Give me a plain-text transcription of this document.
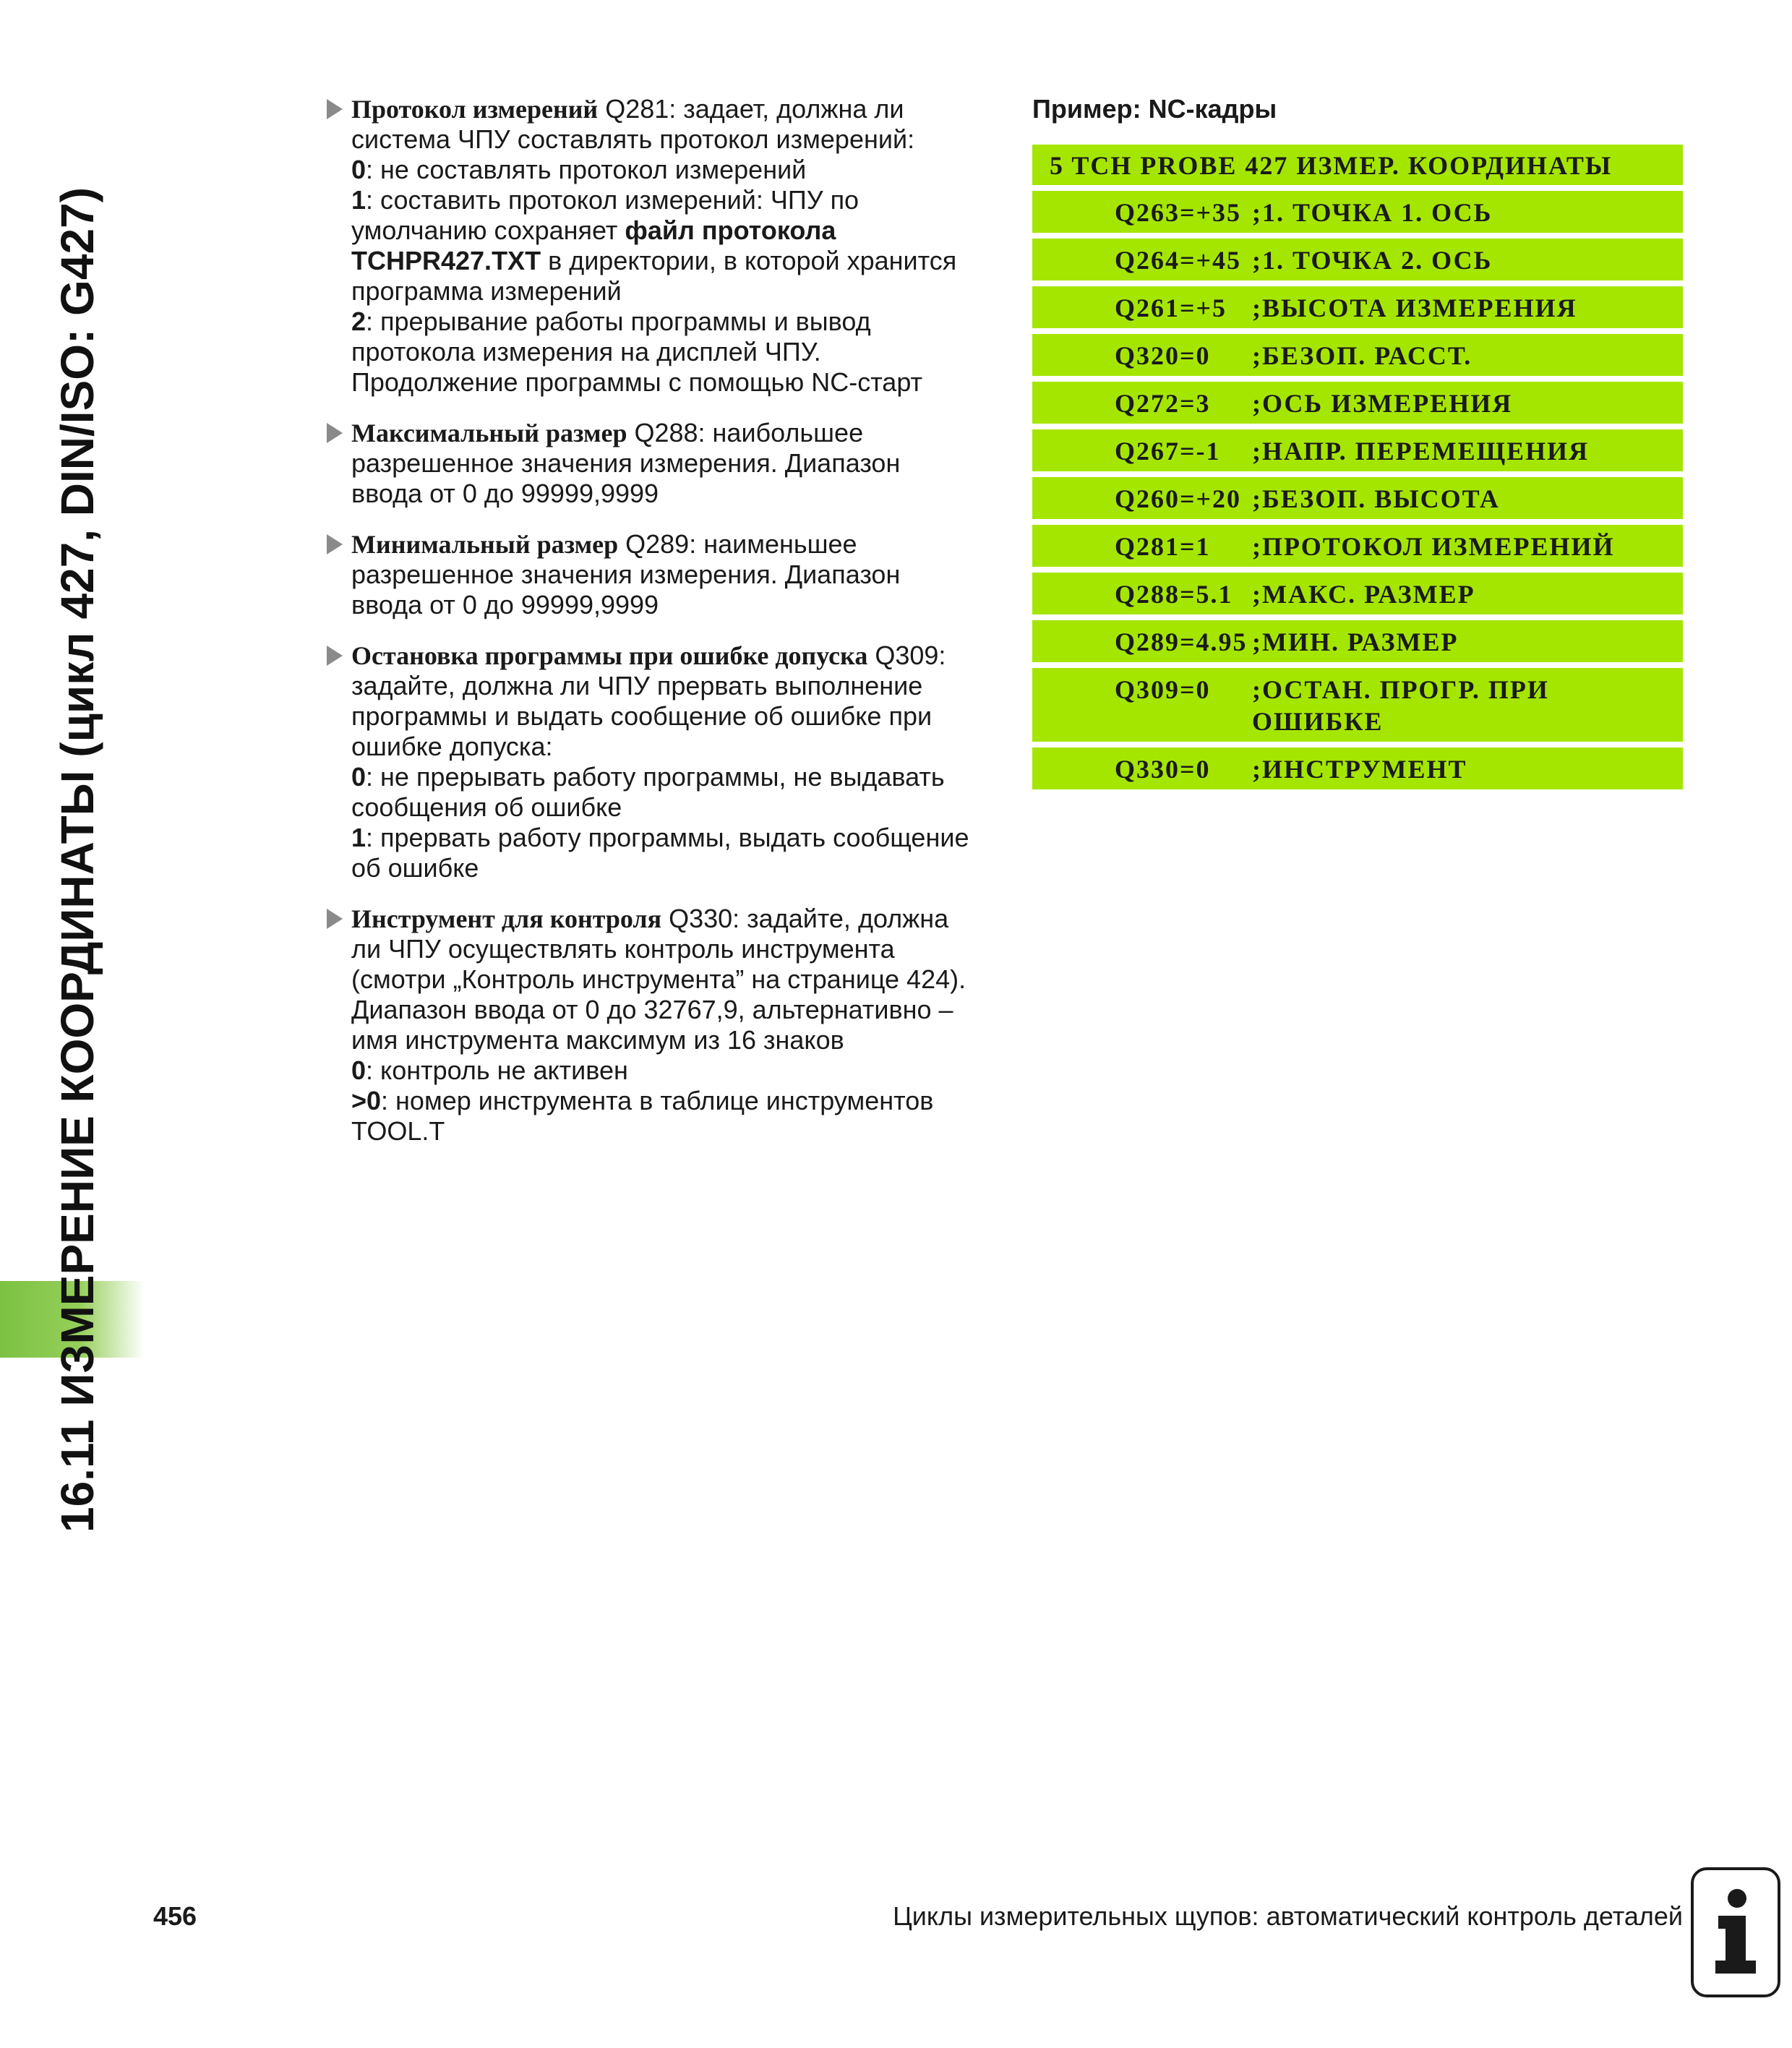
16.11 ИЗМЕРЕНИЕ КООРДИНАТЫ (цикл 427, DIN/ISO: G427)
Протокол измерений Q281: задает, должна ли
система ЧПУ составлять протокол измерений:
0: не составлять протокол измерений
1: составить протокол измерений: ЧПУ по
умолчанию сохраняет файл протокола
TCHPR427.TXT в директории, в которой хранится
программа измерений
2: прерывание работы программы и вывод
протокола измерения на дисплей ЧПУ.
Продолжение программы с помощью NC-старт
Максимальный размер Q288: наибольшее
разрешенное значения измерения. Диапазон
ввода от 0 до 99999,9999
Минимальный размер Q289: наименьшее
разрешенное значения измерения. Диапазон
ввода от 0 до 99999,9999
Остановка программы при ошибке допуска Q309:
задайте, должна ли ЧПУ прервать выполнение
программы и выдать сообщение об ошибке при
ошибке допуска:
0: не прерывать работу программы, не выдавать
сообщения об ошибке
1: прервать работу программы, выдать сообщение
об ошибке
Инструмент для контроля Q330: задайте, должна
ли ЧПУ осуществлять контроль инструмента
(смотри „Контроль инструмента” на странице 424).
Диапазон ввода от 0 до 32767,9, альтернативно –
имя инструмента максимум из 16 знаков
0: контроль не активен
>0: номер инструмента в таблице инструментов
TOOL.T
Пример: NC-кадры
5 TCH PROBE 427 ИЗМЕР. КООРДИНАТЫ
Q263=+35 ;1. ТОЧКА 1. ОСЬ
Q264=+45 ;1. ТОЧКА 2. ОСЬ
Q261=+5 ;ВЫСОТА ИЗМЕРЕНИЯ
Q320=0	;БЕЗОП. РАССТ.
Q272=3	;ОСЬ ИЗМЕРЕНИЯ
Q267=-1	;НАПР. ПЕРЕМЕЩЕНИЯ
Q260=+20 ;БЕЗОП. ВЫСОТА
Q281=1	;ПРОТОКОЛ ИЗМЕРЕНИЙ
Q288=5.1 ;МАКС. РАЗМЕР
Q289=4.95 ;МИН. РАЗМЕР
Q309=0	;ОСТАН. ПРОГР. ПРИ
ОШИБКЕ
Q330=0	;ИНСТРУМЕНТ
456	Циклы измерительных щупов: автоматический контроль деталей
